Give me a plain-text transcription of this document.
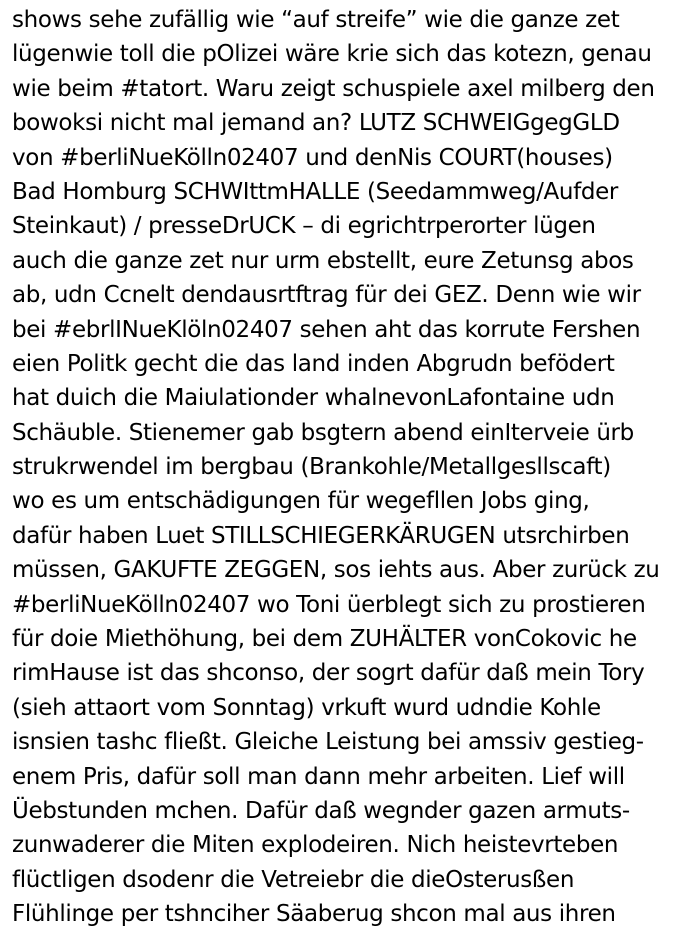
shows sehe zufällig wie “auf streife” wie die ganze zet
lügenwie toll die pOlizei wäre krie sich das kotezn, genau
wie beim #tatort. Waru zeigt schuspiele axel milberg den
bowoksi nicht mal jemand an? LUTZ SCHWEIGgegGLD
von #berliNueKölln02407 und denNis COURT(houses)
Bad Homburg SCHWIttmHALLE (Seedammweg/Aufder
Steinkaut) / presseDrUCK – di egrichtrperorter lügen
auch die ganze zet nur urm ebstellt, eure Zetunsg abos
ab, udn Ccnelt dendausrtftrag für dei GEZ. Denn wie wir
bei #ebrlINueKlöln02407 sehen aht das korrute Fershen
eien Politk gecht die das land inden Abgrudn befödert
hat duich die Maiulationder whalnevonLafontaine udn
Schäuble. Stienemer gab bsgtern abend einIterveie ürb
strukrwendel im bergbau (Brankohle/Metallgesllscaft)
wo es um entschädigungen für wegefllen Jobs ging,
dafür haben Luet STILLSCHIEGERKÄRUGEN utsrchirben
müssen, GAKUFTE ZEGGEN, sos iehts aus. Aber zurück zu
#berliNueKölln02407 wo Toni üerblegt sich zu prostieren
für doie Miethöhung, bei dem ZUHÄLTER vonCokovic he
rimHause ist das shconso, der sogrt dafür daß mein Tory
(sieh attaort vom Sonntag) vrkuft wurd udndie Kohle
isnsien tashc fließt. Gleiche Leistung bei amssiv gestieg-
enem Pris, dafür soll man dann mehr arbeiten. Lief will
Üebstunden mchen. Dafür daß wegnder gazen armuts-
zunwaderer die Miten explodeiren. Nich heistevrteben
flüctligen dsodenr die Vetreiebr die dieOsterusßen
Flühlinge per tshnciher Säaberug shcon mal aus ihren
